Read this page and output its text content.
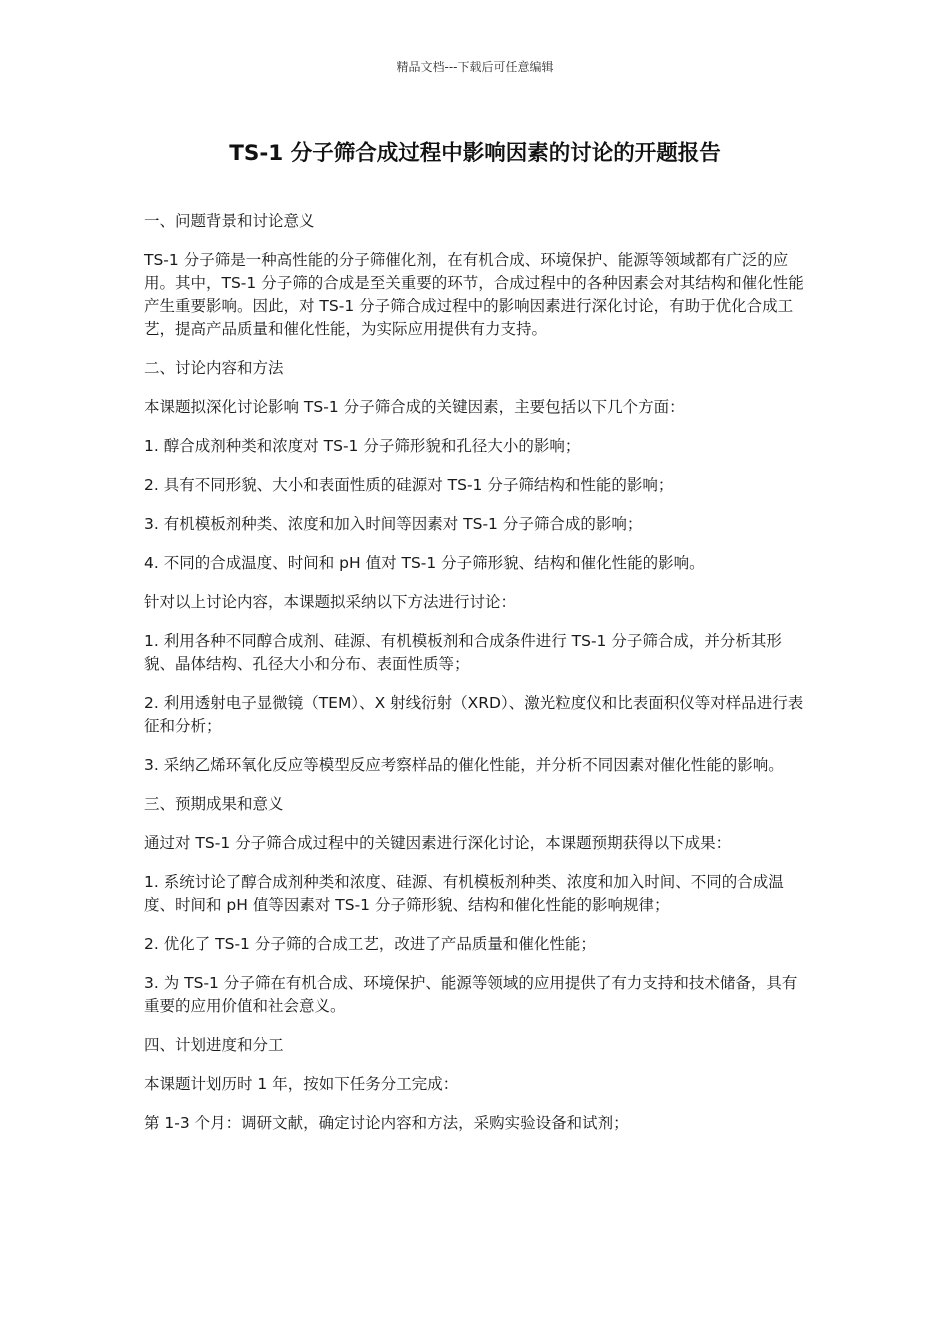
精品文档---下载后可任意编辑
TS-1 分子筛合成过程中影响因素的讨论的开题报告

一、问题背景和讨论意义

TS-1 分子筛是一种高性能的分子筛催化剂，在有机合成、环境保护、能源等领域都有广泛的应用。其中，TS-1 分子筛的合成是至关重要的环节，合成过程中的各种因素会对其结构和催化性能产生重要影响。因此，对 TS-1 分子筛合成过程中的影响因素进行深化讨论，有助于优化合成工艺，提高产品质量和催化性能，为实际应用提供有力支持。

二、讨论内容和方法

本课题拟深化讨论影响 TS-1 分子筛合成的关键因素，主要包括以下几个方面：

1. 醇合成剂种类和浓度对 TS-1 分子筛形貌和孔径大小的影响；

2. 具有不同形貌、大小和表面性质的硅源对 TS-1 分子筛结构和性能的影响；

3. 有机模板剂种类、浓度和加入时间等因素对 TS-1 分子筛合成的影响；

4. 不同的合成温度、时间和 pH 值对 TS-1 分子筛形貌、结构和催化性能的影响。

针对以上讨论内容，本课题拟采纳以下方法进行讨论：

1. 利用各种不同醇合成剂、硅源、有机模板剂和合成条件进行 TS-1 分子筛合成，并分析其形貌、晶体结构、孔径大小和分布、表面性质等；

2. 利用透射电子显微镜（TEM）、X 射线衍射（XRD）、激光粒度仪和比表面积仪等对样品进行表征和分析；

3. 采纳乙烯环氧化反应等模型反应考察样品的催化性能，并分析不同因素对催化性能的影响。

三、预期成果和意义

通过对 TS-1 分子筛合成过程中的关键因素进行深化讨论，本课题预期获得以下成果：

1. 系统讨论了醇合成剂种类和浓度、硅源、有机模板剂种类、浓度和加入时间、不同的合成温度、时间和 pH 值等因素对 TS-1 分子筛形貌、结构和催化性能的影响规律；

2. 优化了 TS-1 分子筛的合成工艺，改进了产品质量和催化性能；

3. 为 TS-1 分子筛在有机合成、环境保护、能源等领域的应用提供了有力支持和技术储备，具有重要的应用价值和社会意义。

四、计划进度和分工

本课题计划历时 1 年，按如下任务分工完成：

第 1-3 个月：调研文献，确定讨论内容和方法，采购实验设备和试剂；
